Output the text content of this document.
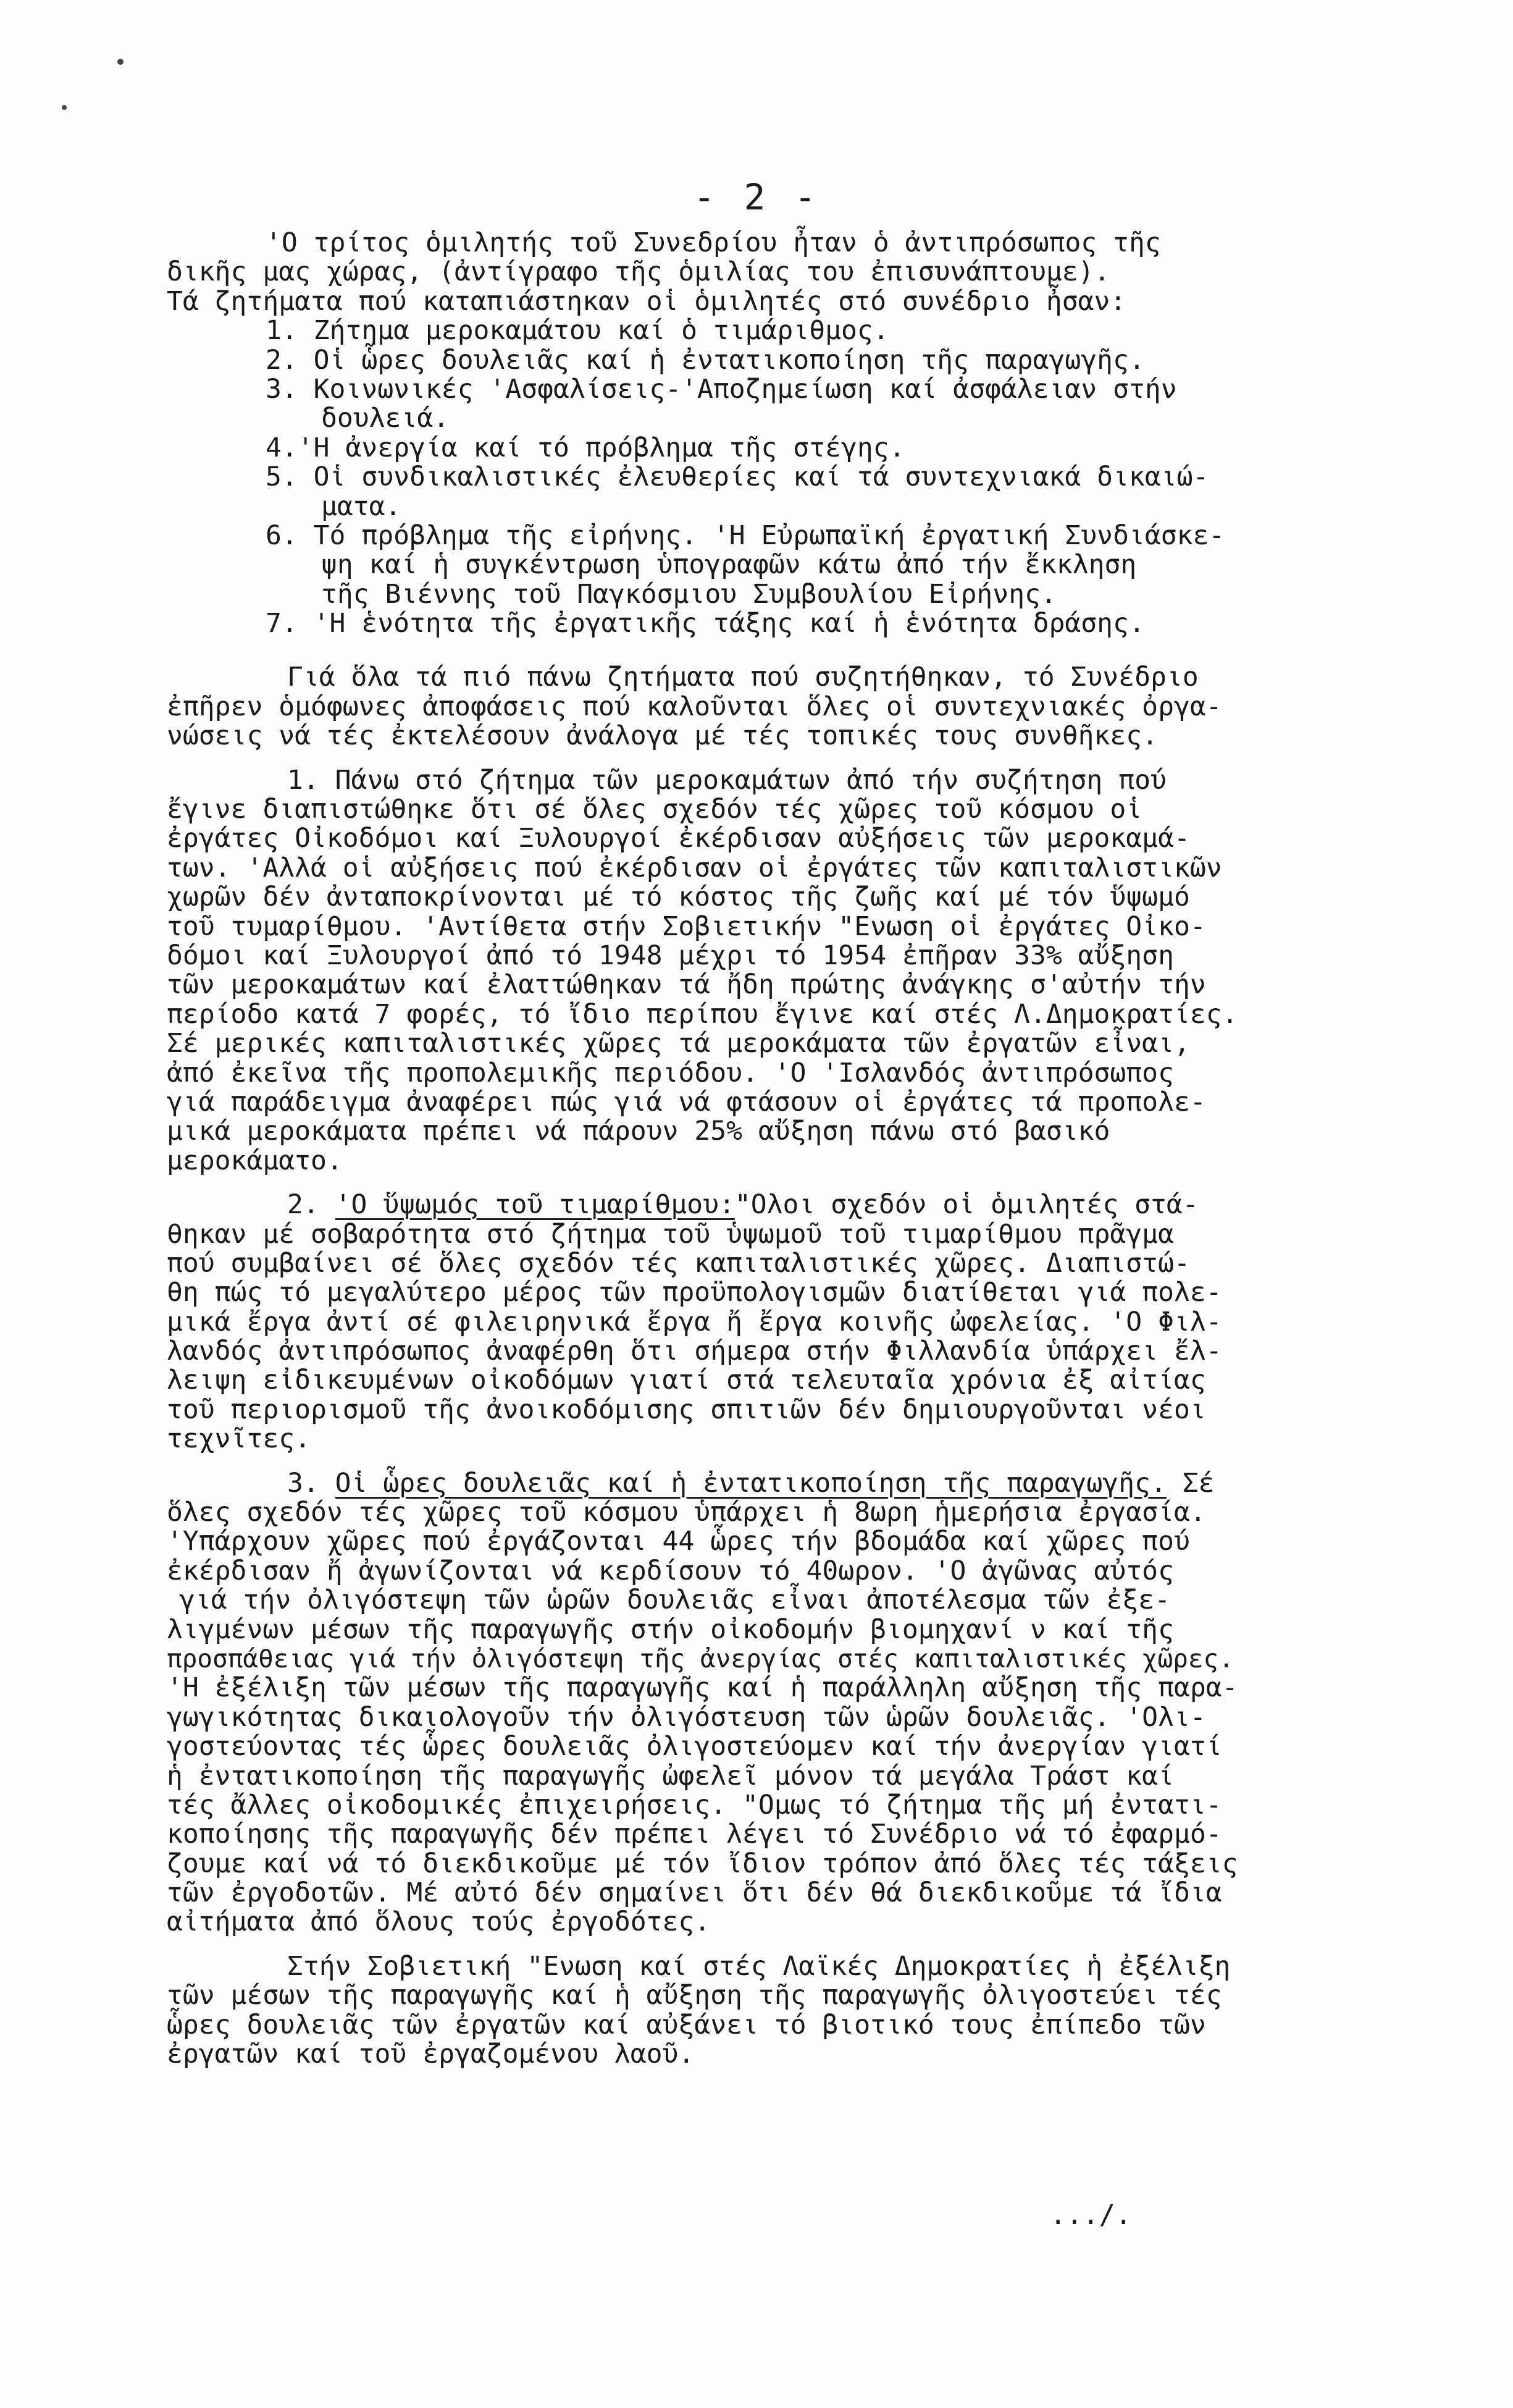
- 2 -
'Ο τρίτος ὁμιλητής τοῦ Συνεδρίου ἦταν ὁ ἀντιπρόσωπος τῆς
δικῆς μας χώρας, (ἀντίγραφο τῆς ὁμιλίας του ἐπισυνάπτουμε).
Τά ζητήματα πού καταπιάστηκαν οἱ ὁμιλητές στό συνέδριο ἦσαν:
1. Ζήτημα μεροκαμάτου καί ὁ τιμάριθμος.
2. Οἱ ὧρες δουλειᾶς καί ἡ ἐντατικοποίηση τῆς παραγωγῆς.
3. Κοινωνικές 'Ασφαλίσεις-'Αποζημείωση καί ἀσφάλειαν στήν
δουλειά.
4.'Η ἀνεργία καί τό πρόβλημα τῆς στέγης.
5. Οἱ συνδικαλιστικές ἐλευθερίες καί τά συντεχνιακά δικαιώ-
ματα.
6. Τό πρόβλημα τῆς εἰρήνης. 'Η Εὐρωπαϊκή ἐργατική Συνδιάσκε-
ψη καί ἡ συγκέντρωση ὑπογραφῶν κάτω ἀπό τήν ἔκκληση
τῆς Βιέννης τοῦ Παγκόσμιου Συμβουλίου Εἰρήνης.
7. 'Η ἑνότητα τῆς ἐργατικῆς τάξης καί ἡ ἑνότητα δράσης.
Γιά ὅλα τά πιό πάνω ζητήματα πού συζητήθηκαν, τό Συνέδριο
ἐπῆρεν ὁμόφωνες ἀποφάσεις πού καλοῦνται ὅλες οἱ συντεχνιακές ὀργα-
νώσεις νά τές ἐκτελέσουν ἀνάλογα μέ τές τοπικές τους συνθῆκες.
1. Πάνω στό ζήτημα τῶν μεροκαμάτων ἀπό τήν συζήτηση πού
ἔγινε διαπιστώθηκε ὅτι σέ ὅλες σχεδόν τές χῶρες τοῦ κόσμου οἱ
ἐργάτες Οἰκοδόμοι καί Ξυλουργοί ἐκέρδισαν αὐξήσεις τῶν μεροκαμά-
των. 'Αλλά οἱ αὐξήσεις πού ἐκέρδισαν οἱ ἐργάτες τῶν καπιταλιστικῶν
χωρῶν δέν ἀνταποκρίνονται μέ τό κόστος τῆς ζωῆς καί μέ τόν ὕψωμό
τοῦ τυμαρίθμου. 'Αντίθετα στήν Σοβιετικήν "Ενωση οἱ ἐργάτες Οἰκο-
δόμοι καί Ξυλουργοί ἀπό τό 1948 μέχρι τό 1954 ἐπῆραν 33% αὔξηση
τῶν μεροκαμάτων καί ἐλαττώθηκαν τά ἤδη πρώτης ἀνάγκης σ'αὐτήν τήν
περίοδο κατά 7 φορές, τό ἴδιο περίπου ἔγινε καί στές Λ.Δημοκρατίες.
Σέ μερικές καπιταλιστικές χῶρες τά μεροκάματα τῶν ἐργατῶν εἶναι,
ἀπό ἐκεῖνα τῆς προπολεμικῆς περιόδου. 'Ο 'Ισλανδός ἀντιπρόσωπος
γιά παράδειγμα ἀναφέρει πώς γιά νά φτάσουν οἱ ἐργάτες τά προπολε-
μικά μεροκάματα πρέπει νά πάρουν 25% αὔξηση πάνω στό βασικό
μεροκάματο.
2. 'Ο ὕψωμός τοῦ τιμαρίθμου:"Ολοι σχεδόν οἱ ὁμιλητές στά-
θηκαν μέ σοβαρότητα στό ζήτημα τοῦ ὑψωμοῦ τοῦ τιμαρίθμου πρᾶγμα
πού συμβαίνει σέ ὅλες σχεδόν τές καπιταλιστικές χῶρες. Διαπιστώ-
θη πώς τό μεγαλύτερο μέρος τῶν προϋπολογισμῶν διατίθεται γιά πολε-
μικά ἔργα ἀντί σέ φιλειρηνικά ἔργα ἤ ἔργα κοινῆς ὠφελείας. 'Ο Φιλ-
λανδός ἀντιπρόσωπος ἀναφέρθη ὅτι σήμερα στήν Φιλλανδία ὑπάρχει ἔλ-
λειψη εἰδικευμένων οἰκοδόμων γιατί στά τελευταῖα χρόνια ἐξ αἰτίας
τοῦ περιορισμοῦ τῆς ἀνοικοδόμισης σπιτιῶν δέν δημιουργοῦνται νέοι
τεχνῖτες.
3. Οἱ ὧρες δουλειᾶς καί ἡ ἐντατικοποίηση τῆς παραγωγῆς. Σέ
ὅλες σχεδόν τές χῶρες τοῦ κόσμου ὑπάρχει ἡ 8ωρη ἡμερήσια ἐργασία.
'Υπάρχουν χῶρες πού ἐργάζονται 44 ὧρες τήν βδομάδα καί χῶρες πού
ἐκέρδισαν ἤ ἀγωνίζονται νά κερδίσουν τό 40ωρον. 'Ο ἀγῶνας αὐτός
γιά τήν ὀλιγόστεψη τῶν ὡρῶν δουλειᾶς εἶναι ἀποτέλεσμα τῶν ἐξε-
λιγμένων μέσων τῆς παραγωγῆς στήν οἰκοδομήν βιομηχανί ν καί τῆς
προσπάθειας γιά τήν ὀλιγόστεψη τῆς ἀνεργίας στές καπιταλιστικές χῶρες.
'Η ἐξέλιξη τῶν μέσων τῆς παραγωγῆς καί ἡ παράλληλη αὔξηση τῆς παρα-
γωγικότητας δικαιολογοῦν τήν ὀλιγόστευση τῶν ὡρῶν δουλειᾶς. 'Ολι-
γοστεύοντας τές ὧρες δουλειᾶς ὀλιγοστεύομεν καί τήν ἀνεργίαν γιατί
ἡ ἐντατικοποίηση τῆς παραγωγῆς ὠφελεῖ μόνον τά μεγάλα Τράστ καί
τές ἄλλες οἰκοδομικές ἐπιχειρήσεις. "Ομως τό ζήτημα τῆς μή ἐντατι-
κοποίησης τῆς παραγωγῆς δέν πρέπει λέγει τό Συνέδριο νά τό ἐφαρμό-
ζουμε καί νά τό διεκδικοῦμε μέ τόν ἴδιον τρόπον ἀπό ὅλες τές τάξεις
τῶν ἐργοδοτῶν. Μέ αὐτό δέν σημαίνει ὅτι δέν θά διεκδικοῦμε τά ἴδια
αἰτήματα ἀπό ὅλους τούς ἐργοδότες.
Στήν Σοβιετική "Ενωση καί στές Λαϊκές Δημοκρατίες ἡ ἐξέλιξη
τῶν μέσων τῆς παραγωγῆς καί ἡ αὔξηση τῆς παραγωγῆς ὀλιγοστεύει τές
ὧρες δουλειᾶς τῶν ἐργατῶν καί αὐξάνει τό βιοτικό τους ἐπίπεδο τῶν
ἐργατῶν καί τοῦ ἐργαζομένου λαοῦ.
.../.
